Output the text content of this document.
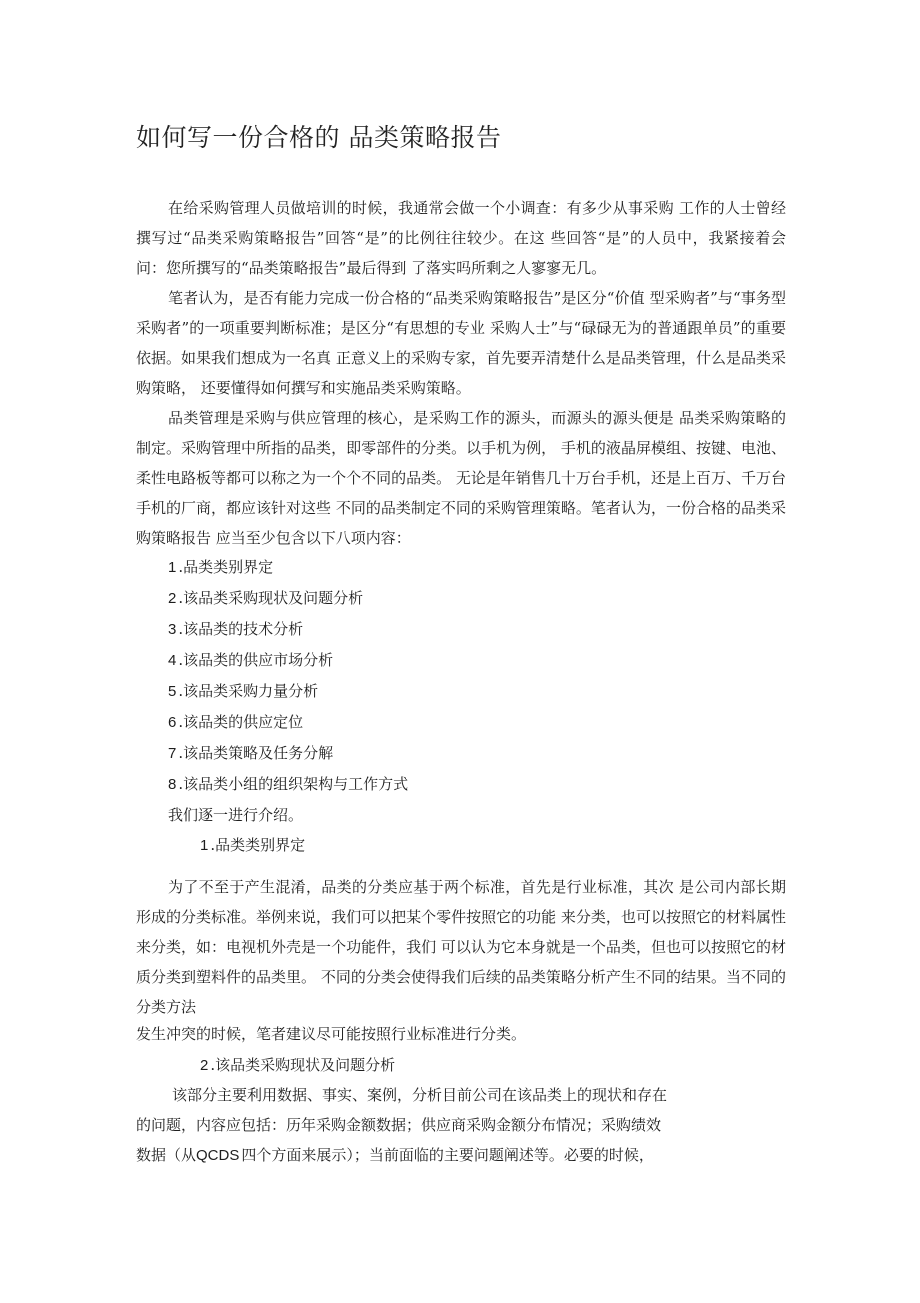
如何写一份合格的 品类策略报告

在给采购管理人员做培训的时候，我通常会做一个小调查：有多少从事采购 工作的人士曾经撰写过“品类采购策略报告”回答“是”的比例往往较少。在这 些回答“是”的人员中，我紧接着会问：您所撰写的“品类策略报告”最后得到 了落实吗所剩之人寥寥无几。

笔者认为，是否有能力完成一份合格的“品类采购策略报告”是区分“价值 型采购者”与“事务型采购者”的一项重要判断标准；是区分“有思想的专业 采购人士”与“碌碌无为的普通跟单员”的重要依据。如果我们想成为一名真 正意义上的采购专家，首先要弄清楚什么是品类管理，什么是品类采购策略， 还要懂得如何撰写和实施品类采购策略。

品类管理是采购与供应管理的核心，是采购工作的源头，而源头的源头便是 品类采购策略的制定。采购管理中所指的品类，即零部件的分类。以手机为例， 手机的液晶屏模组、按键、电池、柔性电路板等都可以称之为一个个不同的品类。 无论是年销售几十万台手机，还是上百万、千万台手机的厂商，都应该针对这些 不同的品类制定不同的采购管理策略。笔者认为，一份合格的品类采购策略报告 应当至少包含以下八项内容：

1 .品类类别界定
2 .该品类采购现状及问题分析
3 .该品类的技术分析
4 .该品类的供应市场分析
5 .该品类采购力量分析
6 .该品类的供应定位
7 .该品类策略及任务分解
8 .该品类小组的组织架构与工作方式

我们逐一进行介绍。

1 .品类类别界定

为了不至于产生混淆，品类的分类应基于两个标准，首先是行业标准，其次 是公司内部长期形成的分类标准。举例来说，我们可以把某个零件按照它的功能 来分类，也可以按照它的材料属性来分类，如：电视机外壳是一个功能件，我们 可以认为它本身就是一个品类，但也可以按照它的材质分类到塑料件的品类里。 不同的分类会使得我们后续的品类策略分析产生不同的结果。当不同的分类方法

发生冲突的时候，笔者建议尽可能按照行业标准进行分类。

2 .该品类采购现状及问题分析

该部分主要利用数据、事实、案例，分析目前公司在该品类上的现状和存在

的问题，内容应包括：历年采购金额数据；供应商采购金额分布情况；采购绩效

数据（从QCDS 四个方面来展示）；当前面临的主要问题阐述等。必要的时候，
